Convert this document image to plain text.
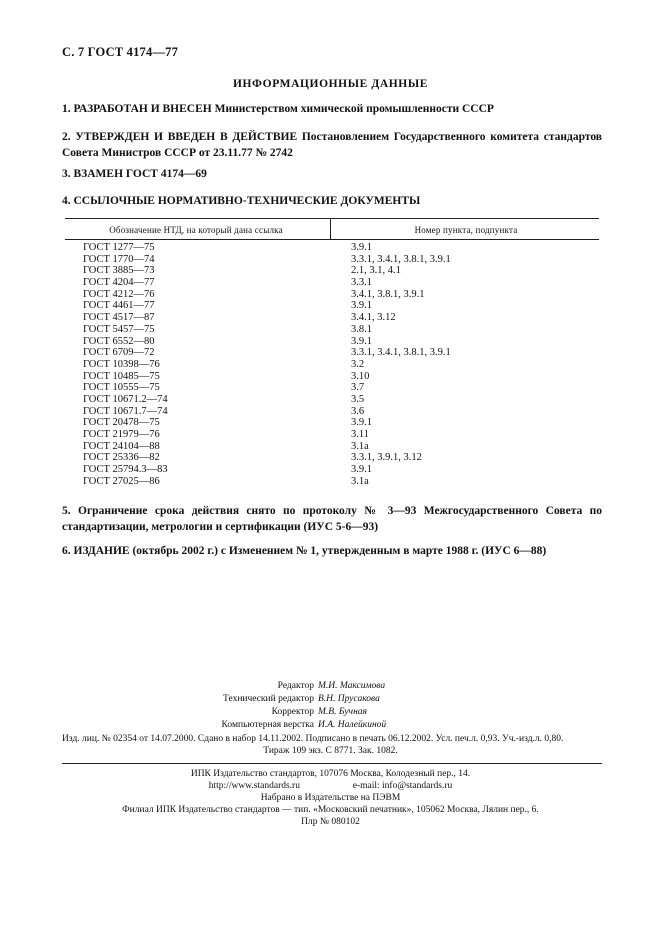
С. 7 ГОСТ 4174—77
ИНФОРМАЦИОННЫЕ ДАННЫЕ
1. РАЗРАБОТАН И ВНЕСЕН Министерством химической промышленности СССР
2. УТВЕРЖДЕН И ВВЕДЕН В ДЕЙСТВИЕ Постановлением Государственного комитета стандартов Совета Министров СССР от 23.11.77 № 2742
3. ВЗАМЕН ГОСТ 4174—69
4. ССЫЛОЧНЫЕ НОРМАТИВНО-ТЕХНИЧЕСКИЕ ДОКУМЕНТЫ
Обозначение НТД, на который дана ссылка	Номер пункта, подпункта
ГОСТ 1277—75	3.9.1
ГОСТ 1770—74	3.3.1, 3.4.1, 3.8.1, 3.9.1
ГОСТ 3885—73	2.1, 3.1, 4.1
ГОСТ 4204—77	3.3.1
ГОСТ 4212—76	3.4.1, 3.8.1, 3.9.1
ГОСТ 4461—77	3.9.1
ГОСТ 4517—87	3.4.1, 3.12
ГОСТ 5457—75	3.8.1
ГОСТ 6552—80	3.9.1
ГОСТ 6709—72	3.3.1, 3.4.1, 3.8.1, 3.9.1
ГОСТ 10398—76	3.2
ГОСТ 10485—75	3.10
ГОСТ 10555—75	3.7
ГОСТ 10671.2—74	3.5
ГОСТ 10671.7—74	3.6
ГОСТ 20478—75	3.9.1
ГОСТ 21979—76	3.11
ГОСТ 24104—88	3.1а
ГОСТ 25336—82	3.3.1, 3.9.1, 3.12
ГОСТ 25794.3—83	3.9.1
ГОСТ 27025—86	3.1а
5. Ограничение срока действия снято по протоколу № 3—93 Межгосударственного Совета по стандартизации, метрологии и сертификации (ИУС 5-6—93)
6. ИЗДАНИЕ (октябрь 2002 г.) с Изменением № 1, утвержденным в марте 1988 г. (ИУС 6—88)
Редактор М.И. Максимова
Технический редактор В.Н. Прусакова
Корректор М.В. Бучная
Компьютерная верстка И.А. Налейкиной
Изд. лиц. № 02354 от 14.07.2000. Сдано в набор 14.11.2002. Подписано в печать 06.12.2002. Усл. печ.л. 0,93. Уч.-изд.л. 0,80.
Тираж 109 экз. С 8771. Зак. 1082.
ИПК Издательство стандартов, 107076 Москва, Колодезный пер., 14.
http://www.standards.ru	e-mail: info@standards.ru
Набрано в Издательстве на ПЭВМ
Филиал ИПК Издательство стандартов — тип. «Московский печатник», 105062 Москва, Лялин пер., 6.
Плр № 080102
